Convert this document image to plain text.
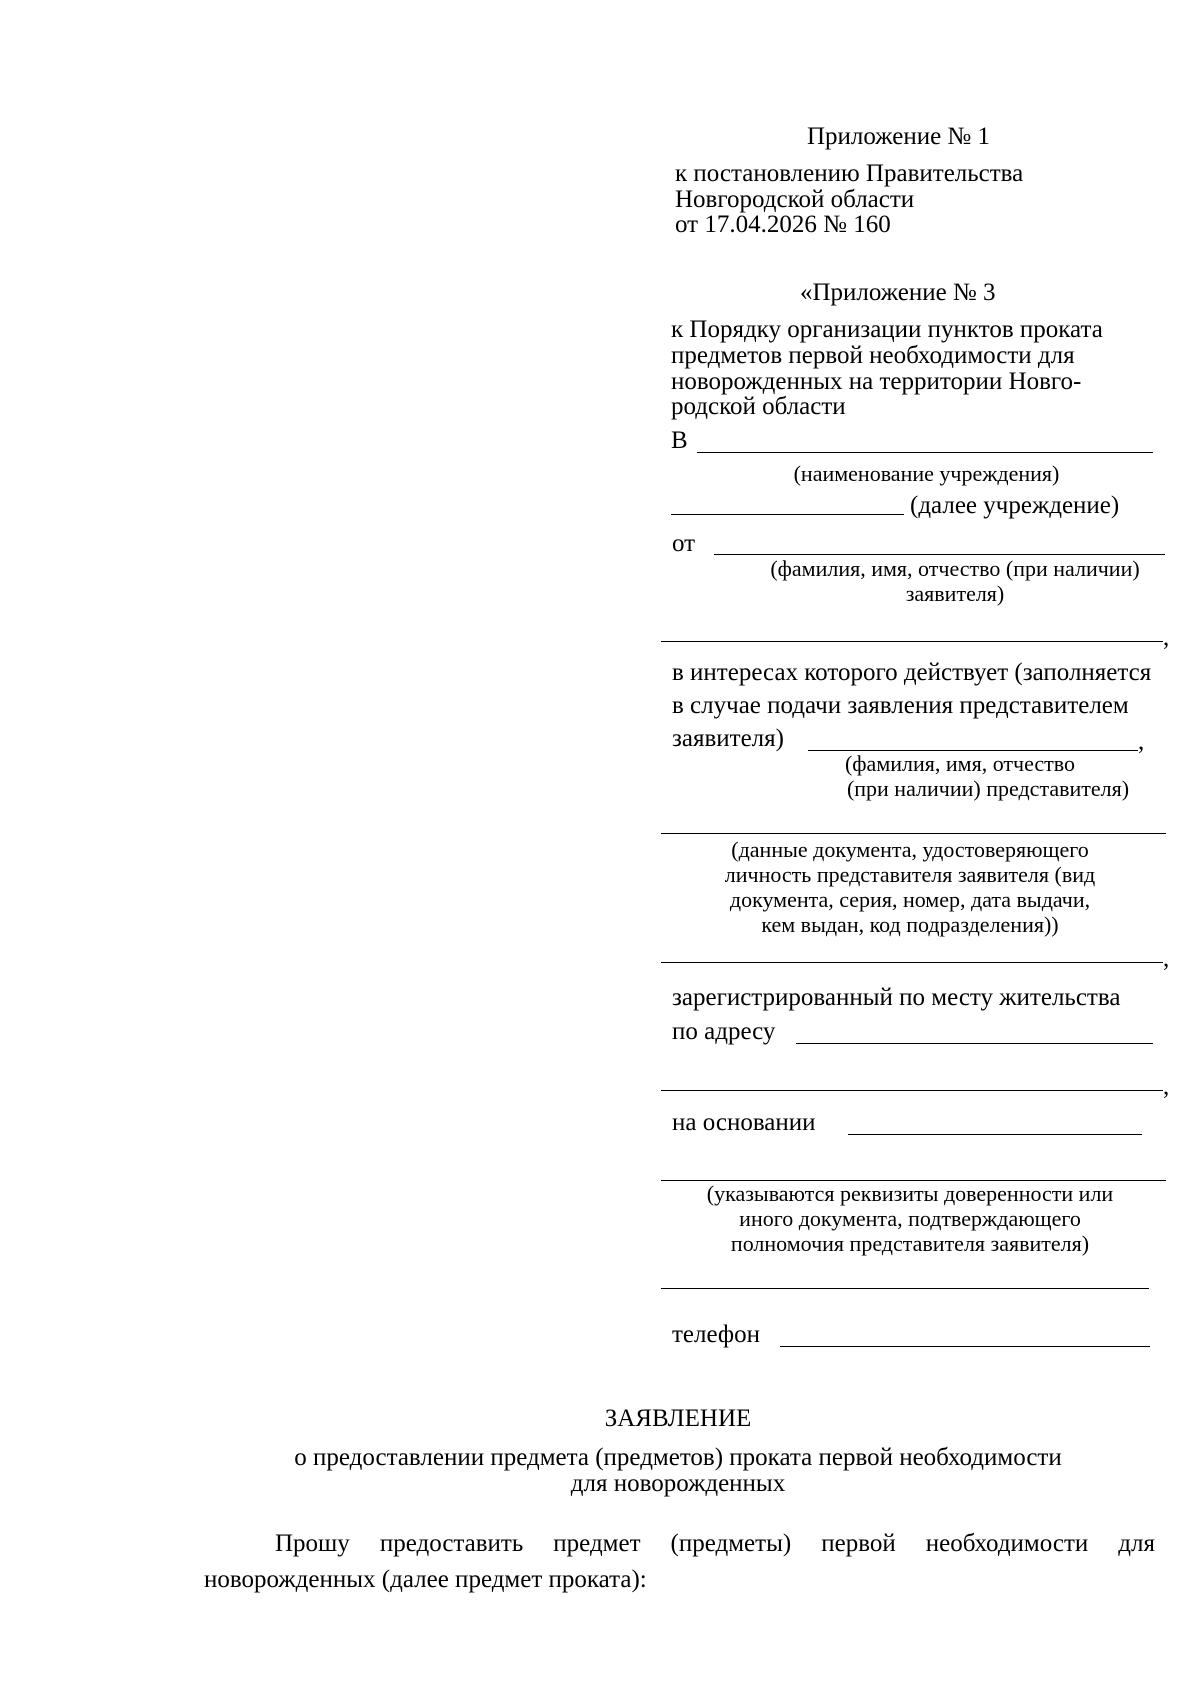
Приложение № 1
к постановлению Правительства
Новгородской области
от 17.04.2026 № 160
«Приложение № 3
к Порядку организации пунктов проката
предметов первой необходимости для
новорожденных на территории Новго-
родской области
В
(наименование учреждения)
(далее учреждение)
от
(фамилия, имя, отчество (при наличии)
заявителя)
,
в интересах которого действует (заполняется
в случае подачи заявления представителем
заявителя)	,
(фамилия, имя, отчество
(при наличии) представителя)
(данные документа, удостоверяющего
личность представителя заявителя (вид
документа, серия, номер, дата выдачи,
кем выдан, код подразделения))
,
зарегистрированный по месту жительства
по адресу
,
на основании
(указываются реквизиты доверенности или
иного документа, подтверждающего
полномочия представителя заявителя)
телефон
ЗАЯВЛЕНИЕ
о предоставлении предмета (предметов) проката первой необходимости
для новорожденных
Прошу предоставить предмет (предметы) первой необходимости для
новорожденных (далее предмет проката):
